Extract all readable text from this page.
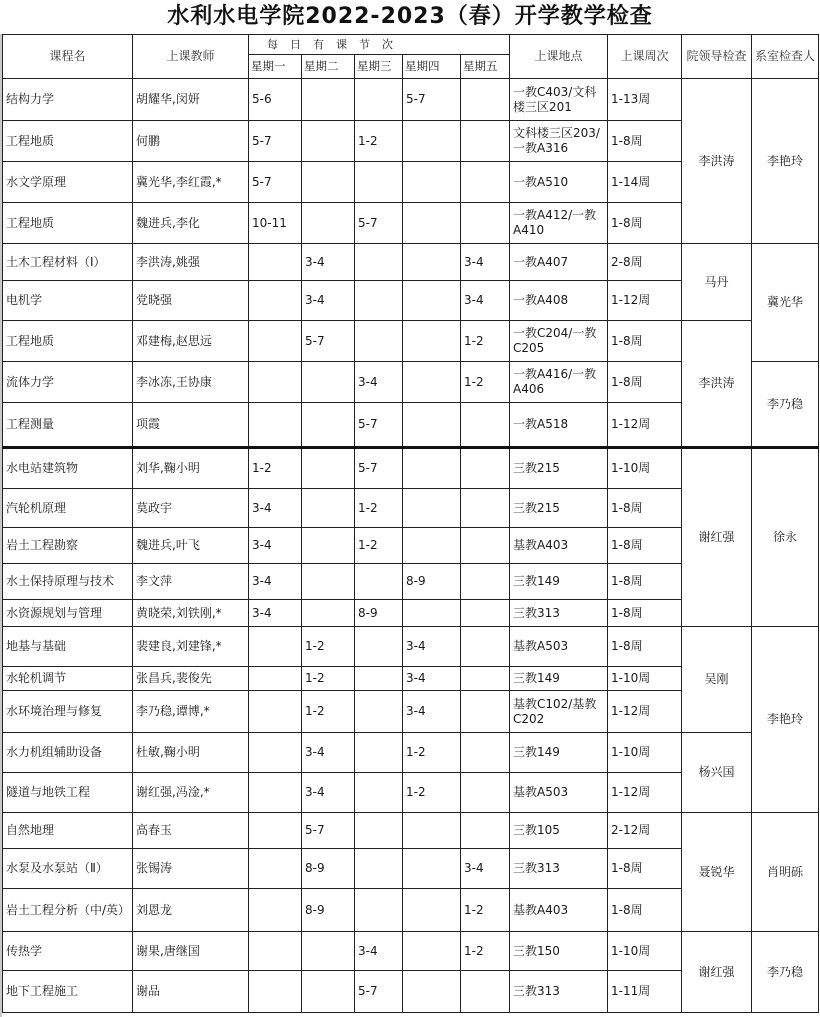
水利水电学院2022-2023（春）开学教学检查
课程名	上课教师	每日有课节次					上课地点	上课周次	院领导检查	系室检查人
		星期一	星期二	星期三	星期四	星期五				
结构力学	胡耀华,闵妍	5-6			5-7		一教C403/文科楼三区201	1-13周	李洪涛	李艳玲
工程地质	何鹏	5-7		1-2			文科楼三区203/一教A316	1-8周		
水文学原理	冀光华,李红霞,*	5-7					一教A510	1-14周		
工程地质	魏进兵,李化	10-11		5-7			一教A412/一教A410	1-8周		
土木工程材料（Ⅰ）	李洪涛,姚强		3-4			3-4	一教A407	2-8周	马丹	冀光华
电机学	党晓强		3-4			3-4	一教A408	1-12周		
工程地质	邓建梅,赵思远		5-7			1-2	一教C204/一教C205	1-8周	李洪涛	
流体力学	李冰冻,王协康			3-4		1-2	一教A416/一教A406	1-8周		李乃稳
工程测量	项霞			5-7			一教A518	1-12周		
水电站建筑物	刘华,鞠小明	1-2		5-7			三教215	1-10周	谢红强	徐永
汽轮机原理	莫政宇	3-4		1-2			三教215	1-8周		
岩土工程勘察	魏进兵,叶飞	3-4		1-2			基教A403	1-8周		
水土保持原理与技术	李文萍	3-4			8-9		三教149	1-8周		
水资源规划与管理	黄晓荣,刘铁刚,*	3-4		8-9			三教313	1-8周		
地基与基础	裴建良,刘建锋,*		1-2		3-4		基教A503	1-8周	吴刚	李艳玲
水轮机调节	张昌兵,裴俊先		1-2		3-4		三教149	1-10周		
水环境治理与修复	李乃稳,谭博,*		1-2		3-4		基教C102/基教C202	1-12周		
水力机组辅助设备	杜敏,鞠小明		3-4		1-2		三教149	1-10周	杨兴国	
隧道与地铁工程	谢红强,冯淦,*		3-4		1-2		基教A503	1-12周		
自然地理	高春玉		5-7				三教105	2-12周	聂锐华	肖明砾
水泵及水泵站（Ⅱ）	张锡涛		8-9			3-4	三教313	1-8周		
岩土工程分析（中/英）	刘恩龙		8-9			1-2	基教A403	1-8周		
传热学	谢果,唐继国			3-4		1-2	三教150	1-10周	谢红强	李乃稳
地下工程施工	谢品			5-7			三教313	1-11周		
